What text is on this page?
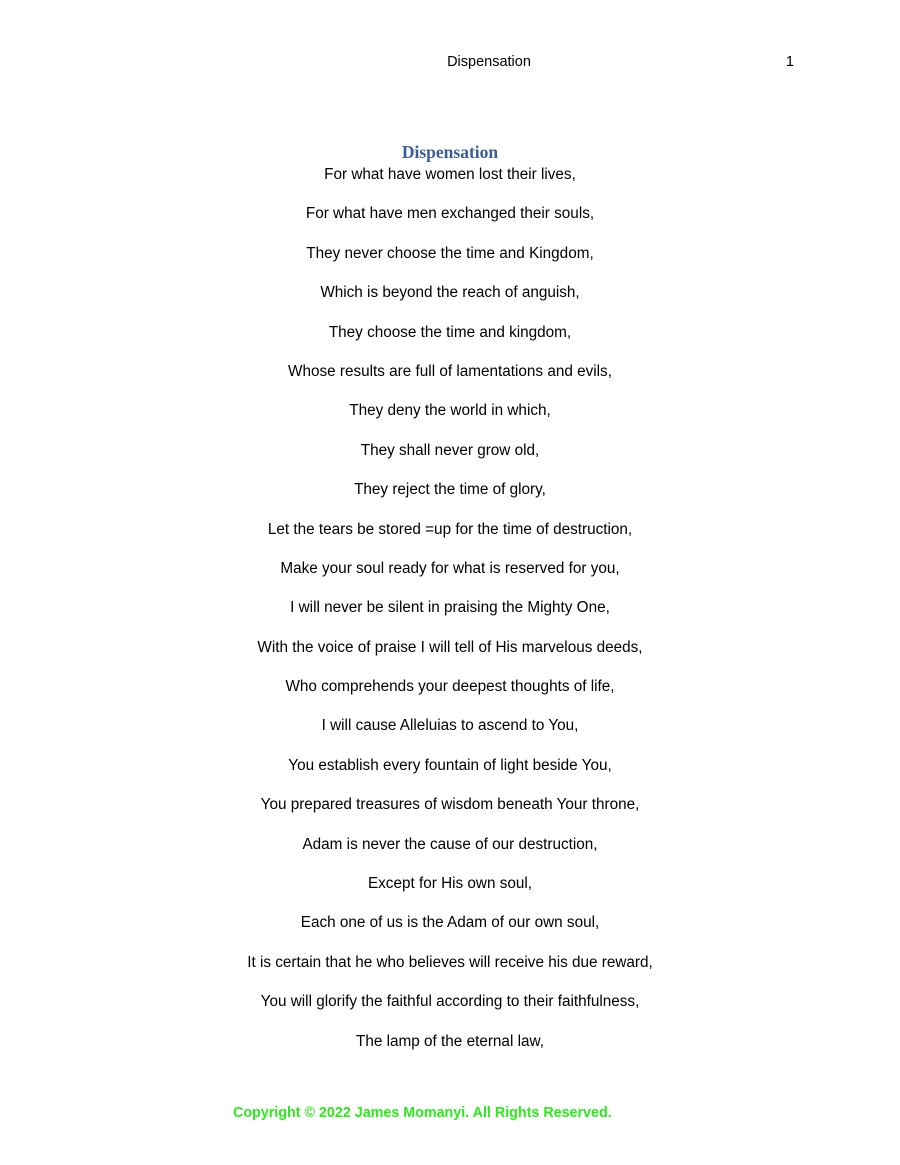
Dispensation	1
Dispensation
For what have women lost their lives,
For what have men exchanged their souls,
They never choose the time and Kingdom,
Which is beyond the reach of anguish,
They choose the time and kingdom,
Whose results are full of lamentations and evils,
They deny the world in which,
They shall never grow old,
They reject the time of glory,
Let the tears be stored =up for the time of destruction,
Make your soul ready for what is reserved for you,
I will never be silent in praising the Mighty One,
With the voice of praise I will tell of His marvelous deeds,
Who comprehends your deepest thoughts of life,
I will cause Alleluias to ascend to You,
You establish every fountain of light beside You,
You prepared treasures of wisdom beneath Your throne,
Adam is never the cause of our destruction,
Except for His own soul,
Each one of us is the Adam of our own soul,
It is certain that he who believes will receive his due reward,
You will glorify the faithful according to their faithfulness,
The lamp of the eternal law,
Copyright © 2022 James Momanyi. All Rights Reserved.
